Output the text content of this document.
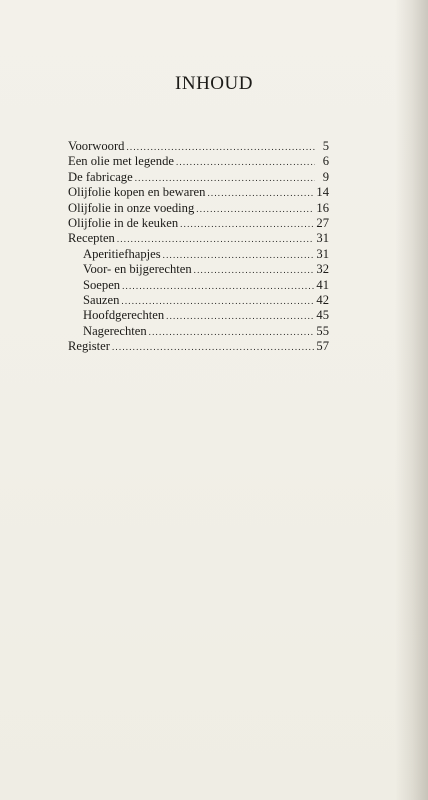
INHOUD
Voorwoord .....	5
Een olie met legende .....	6
De fabricage .....	9
Olijfolie kopen en bewaren .....	14
Olijfolie in onze voeding .....	16
Olijfolie in de keuken .....	27
Recepten .....	31
Aperitiefhapjes .....	31
Voor- en bijgerechten .....	32
Soepen .....	41
Sauzen .....	42
Hoofdgerechten .....	45
Nagerechten .....	55
Register .....	57
